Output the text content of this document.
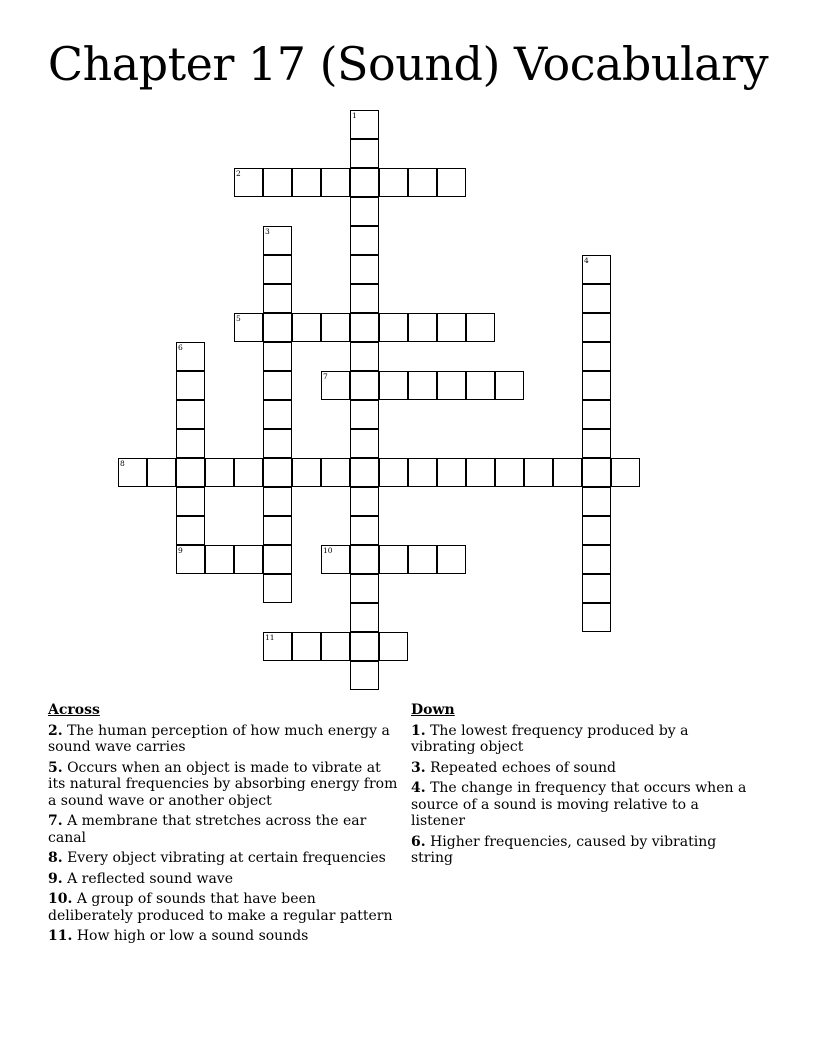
Chapter 17 (Sound) Vocabulary
1
2
3
4
5
6
9
7
8
10
11
Across
2. The human perception of how much energy a sound wave carries
5. Occurs when an object is made to vibrate at its natural frequencies by absorbing energy from a sound wave or another object
7. A membrane that stretches across the ear canal
8. Every object vibrating at certain frequencies
9. A reflected sound wave
10. A group of sounds that have been deliberately produced to make a regular pattern
11. How high or low a sound sounds
Down
1. The lowest frequency produced by a vibrating object
3. Repeated echoes of sound
4. The change in frequency that occurs when a source of a sound is moving relative to a listener
6. Higher frequencies, caused by vibrating string
